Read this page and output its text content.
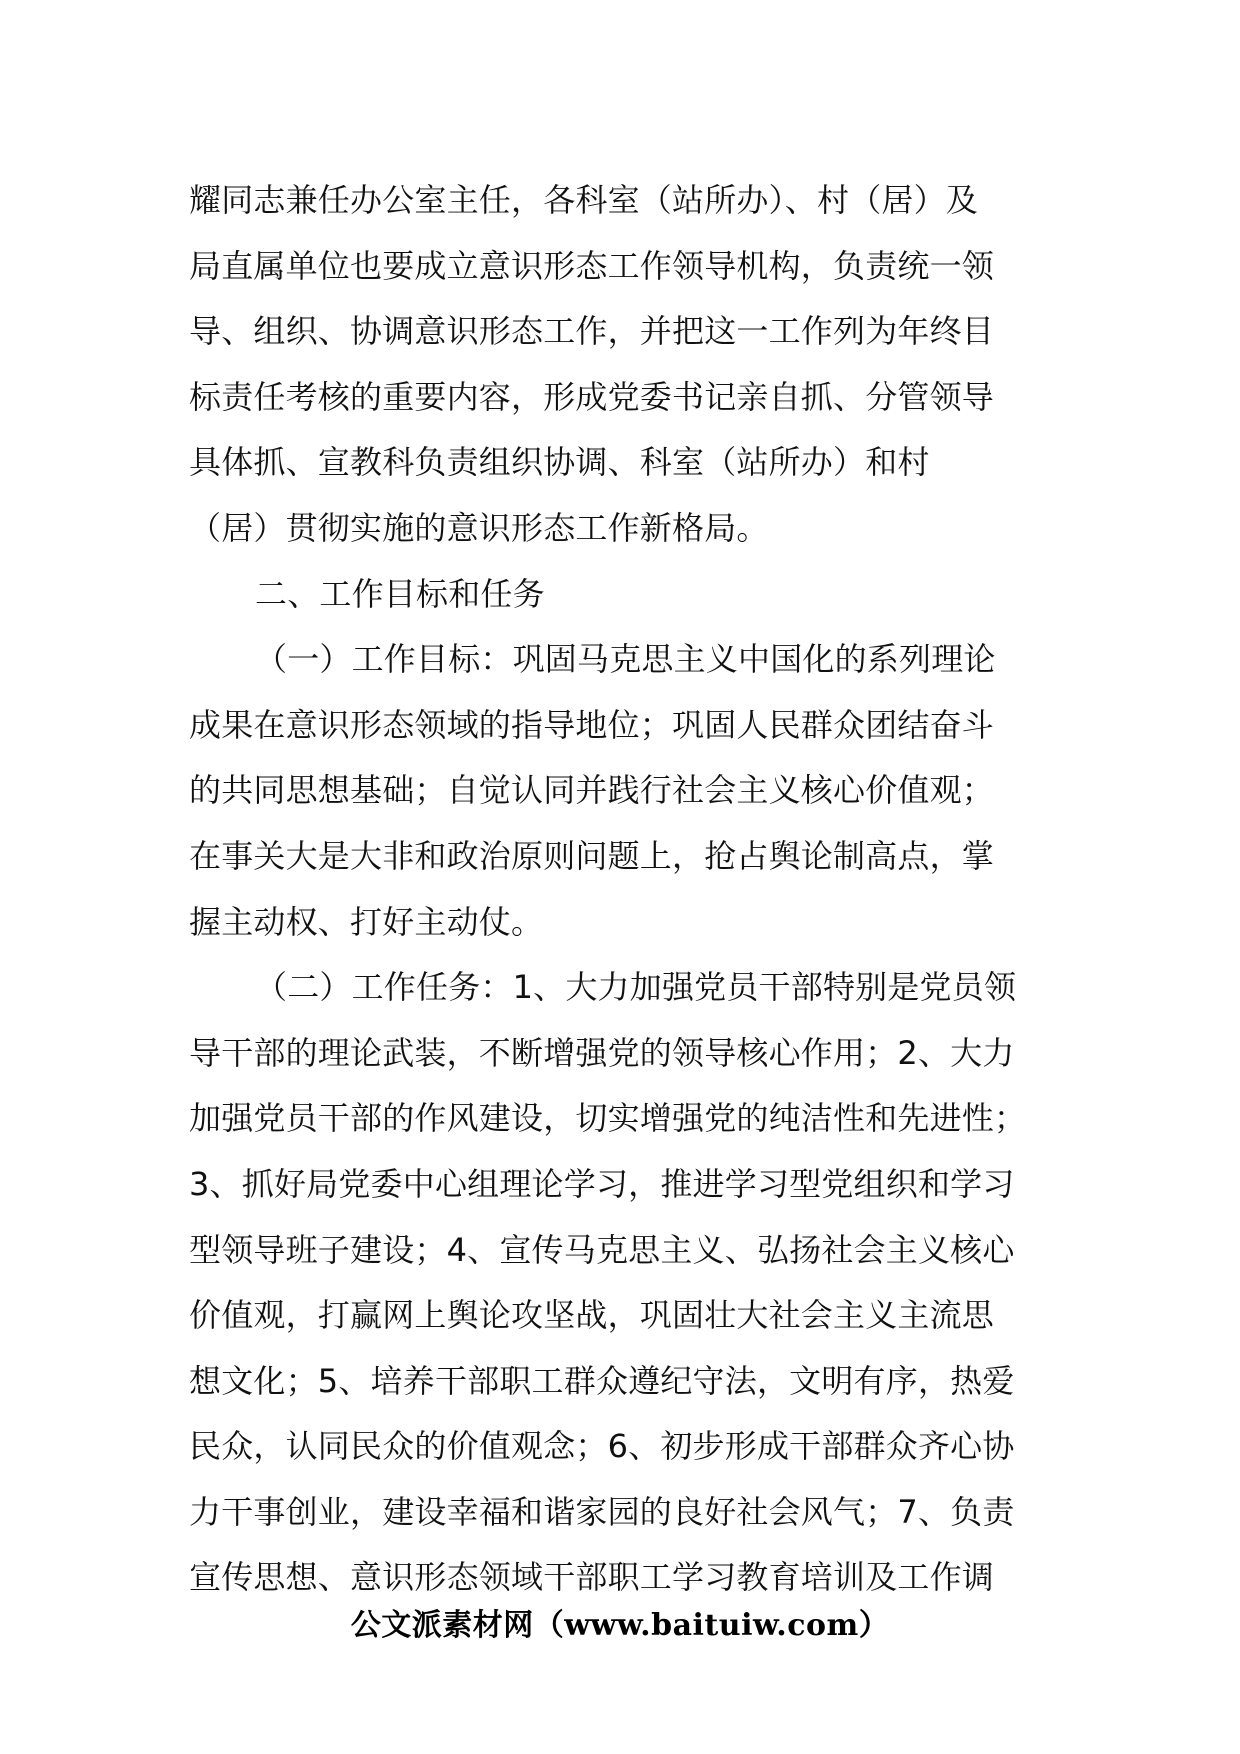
耀同志兼任办公室主任，各科室（站所办）、村（居）及
局直属单位也要成立意识形态工作领导机构，负责统一领
导、组织、协调意识形态工作，并把这一工作列为年终目
标责任考核的重要内容，形成党委书记亲自抓、分管领导
具体抓、宣教科负责组织协调、科室（站所办）和村
（居）贯彻实施的意识形态工作新格局。
二、工作目标和任务
（一）工作目标：巩固马克思主义中国化的系列理论
成果在意识形态领域的指导地位；巩固人民群众团结奋斗
的共同思想基础；自觉认同并践行社会主义核心价值观；
在事关大是大非和政治原则问题上，抢占舆论制高点，掌
握主动权、打好主动仗。
（二）工作任务：1、大力加强党员干部特别是党员领
导干部的理论武装，不断增强党的领导核心作用；2、大力
加强党员干部的作风建设，切实增强党的纯洁性和先进性；
3、抓好局党委中心组理论学习，推进学习型党组织和学习
型领导班子建设；4、宣传马克思主义、弘扬社会主义核心
价值观，打赢网上舆论攻坚战，巩固壮大社会主义主流思
想文化；5、培养干部职工群众遵纪守法，文明有序，热爱
民众，认同民众的价值观念；6、初步形成干部群众齐心协
力干事创业，建设幸福和谐家园的良好社会风气；7、负责
宣传思想、意识形态领域干部职工学习教育培训及工作调
公文派素材网（www.baituiw.com）
